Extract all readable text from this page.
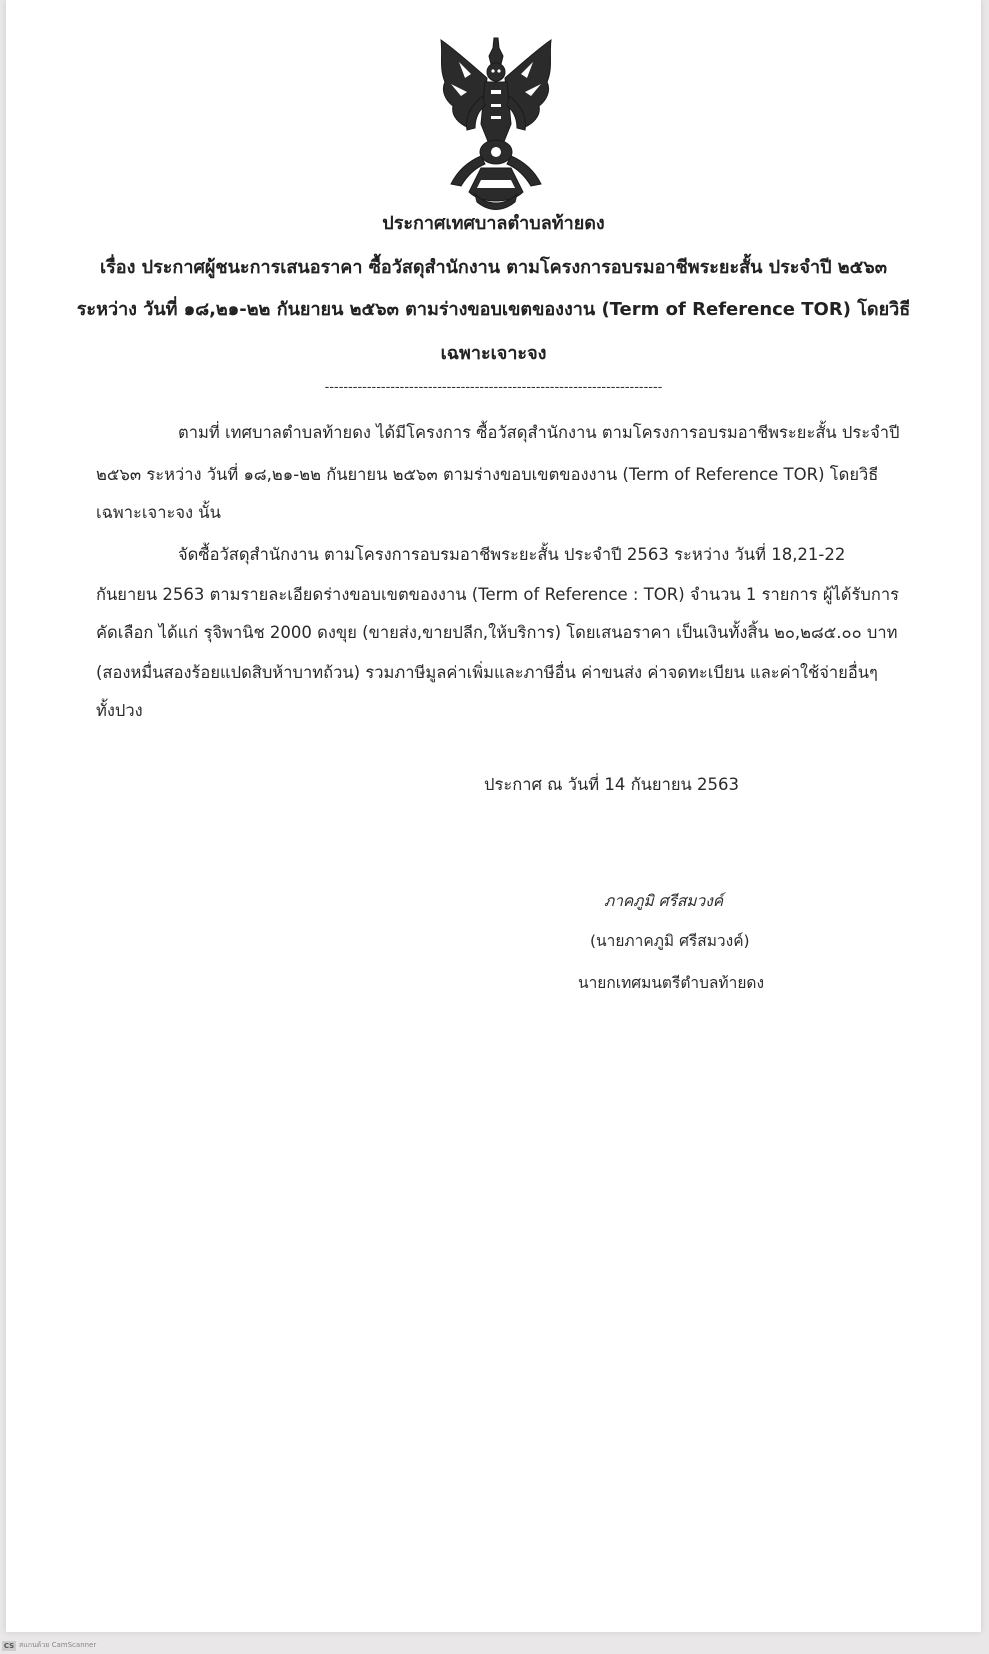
ประกาศเทศบาลตำบลท้ายดง
เรื่อง ประกาศผู้ชนะการเสนอราคา ซื้อวัสดุสำนักงาน ตามโครงการอบรมอาชีพระยะสั้น ประจำปี ๒๕๖๓
ระหว่าง วันที่ ๑๘,๒๑-๒๒ กันยายน ๒๕๖๓ ตามร่างขอบเขตของงาน (Term of Reference TOR) โดยวิธี
เฉพาะเจาะจง
------------------------------------------------------------------------
ตามที่ เทศบาลตำบลท้ายดง ได้มีโครงการ ซื้อวัสดุสำนักงาน ตามโครงการอบรมอาชีพระยะสั้น ประจำปี
๒๕๖๓ ระหว่าง วันที่ ๑๘,๒๑-๒๒ กันยายน ๒๕๖๓ ตามร่างขอบเขตของงาน (Term of Reference TOR) โดยวิธี
เฉพาะเจาะจง นั้น
จัดซื้อวัสดุสำนักงาน ตามโครงการอบรมอาชีพระยะสั้น ประจำปี 2563 ระหว่าง วันที่ 18,21-22
กันยายน 2563 ตามรายละเอียดร่างขอบเขตของงาน (Term of Reference : TOR) จำนวน 1 รายการ ผู้ได้รับการ
คัดเลือก ได้แก่ รุจิพานิช 2000 ดงขุย (ขายส่ง,ขายปลีก,ให้บริการ) โดยเสนอราคา เป็นเงินทั้งสิ้น ๒๐,๒๘๕.๐๐ บาท
(สองหมื่นสองร้อยแปดสิบห้าบาทถ้วน) รวมภาษีมูลค่าเพิ่มและภาษีอื่น ค่าขนส่ง ค่าจดทะเบียน และค่าใช้จ่ายอื่นๆ
ทั้งปวง
ประกาศ ณ วันที่ 14 กันยายน 2563
ภาคภูมิ ศรีสมวงค์
(นายภาคภูมิ ศรีสมวงค์)
นายกเทศมนตรีตำบลท้ายดง
CS สแกนด้วย CamScanner
